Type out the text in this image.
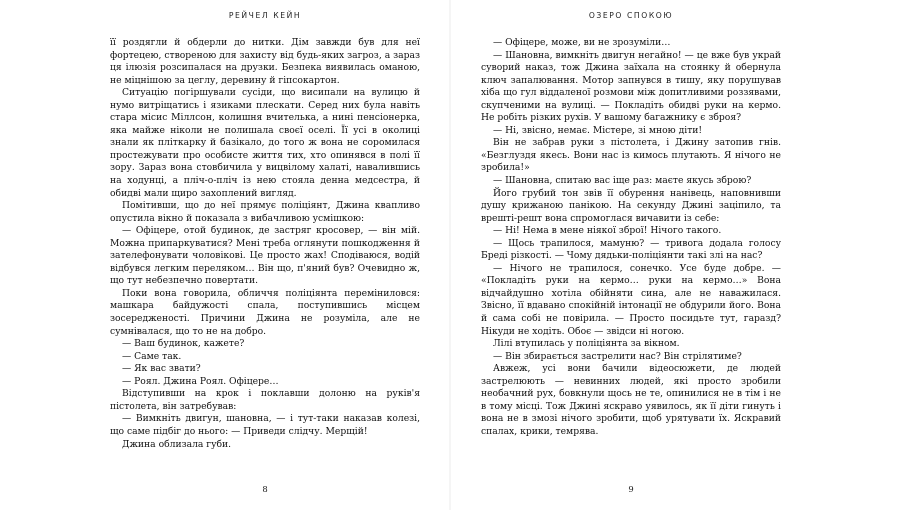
РЕЙЧЕЛ КЕЙН

її роздягли й обдерли до нитки. Дім завжди був для неї фортецею, створеною для захисту від будь-яких загроз, а зараз ця ілюзія розсипалася на друзки. Безпека виявилась оманою, не міцнішою за цеглу, деревину й гіпсокартон.

Ситуацію погіршували сусіди, що висипали на вулицю й нумо витріщатись і язиками плескати. Серед них була навіть стара місис Міллсон, колишня вчителька, а нині пенсіонерка, яка майже ніколи не полишала своєї оселі. Її усі в околиці знали як пліткарку й базікало, до того ж вона не соромилася простежувати про особисте життя тих, хто опинявся в полі її зору. Зараз вона стовбичила у вицвілому халаті, навалившись на ходунці, а пліч-о-пліч із нею стояла денна медсестра, й обидві мали щиро захоплений вигляд.

Помітивши, що до неї прямує поліціянт, Джина квапливо опустила вікно й показала з вибачливою усмішкою:

— Офіцере, отой будинок, де застряг кросовер, — він мій. Можна припаркуватися? Мені треба оглянути пошкодження й зателефонувати чоловікові. Це просто жах! Сподіваюся, водій відбувся легким переляком… Він що, п'яний був? Очевидно ж, що тут небезпечно повертати.

Поки вона говорила, обличчя поліціянта переміниловся: машкара байдужості спала, поступившись місцем зосередженості. Причини Джина не розуміла, але не сумнівалася, що то не на добро.

— Ваш будинок, кажете?

— Саме так.

— Як вас звати?

— Роял. Джина Роял. Офіцере…

Відступивши на крок і поклавши долоню на руків'я пістолета, він затребував:

— Вимкніть двигун, шановна, — і тут-таки наказав колезі, що саме підбіг до нього: — Приведи слідчу. Мерщій!

Джина облизала губи.

8
ОЗЕРО СПОКОЮ

— Офіцере, може, ви не зрозуміли…

— Шановна, вимкніть двигун негайно! — це вже був украй суворий наказ, тож Джина заїхала на стоянку й обернула ключ запалювання. Мотор запнувся в тишу, яку порушував хіба що гул віддаленої розмови між допитливими роззявами, скупченими на вулиці. — Покладіть обидві руки на кермо. Не робіть різких рухів. У вашому багажнику є зброя?

— Ні, звісно, немає. Містере, зі мною діти!

Він не забрав руки з пістолета, і Джину затопив гнів. «Безглуздя якесь. Вони нас із кимось плутають. Я нічого не зробила!»

— Шановна, спитаю вас іще раз: маєте якусь зброю?

Його грубий тон звів її обурення нанівець, наповнивши душу крижаною панікою. На секунду Джині заціпило, та врешті-решт вона спромоглася вичавити із себе:

— Ні! Нема в мене ніякої зброї! Нічого такого.

— Щось трапилося, мамуню? — тривога додала голосу Бреді різкості. — Чому дядьки-поліціянти такі злі на нас?

— Нічого не трапилося, сонечко. Усе буде добре. — «Покладіть руки на кермо… руки на кермо…» Вона відчайдушно хотіла обійняти сина, але не наважилася. Звісно, її вдавано спокійній інтонації не обдурили його. Вона й сама собі не повірила. — Просто посидьте тут, гаразд? Нікуди не ходіть. Обоє — звідси ні ногою.

Лілі втупилась у поліціянта за вікном.

— Він збирається застрелити нас? Він стрілятиме?

Авжеж, усі вони бачили відеосюжети, де людей застрелюють — невинних людей, які просто зробили необачний рух, бовкнули щось не те, опинилися не в тім і не в тому місці. Тож Джині яскраво уявилось, як її діти гинуть і вона не в змозі нічого зробити, щоб урятувати їх. Яскравий спалах, крики, темрява.

9
